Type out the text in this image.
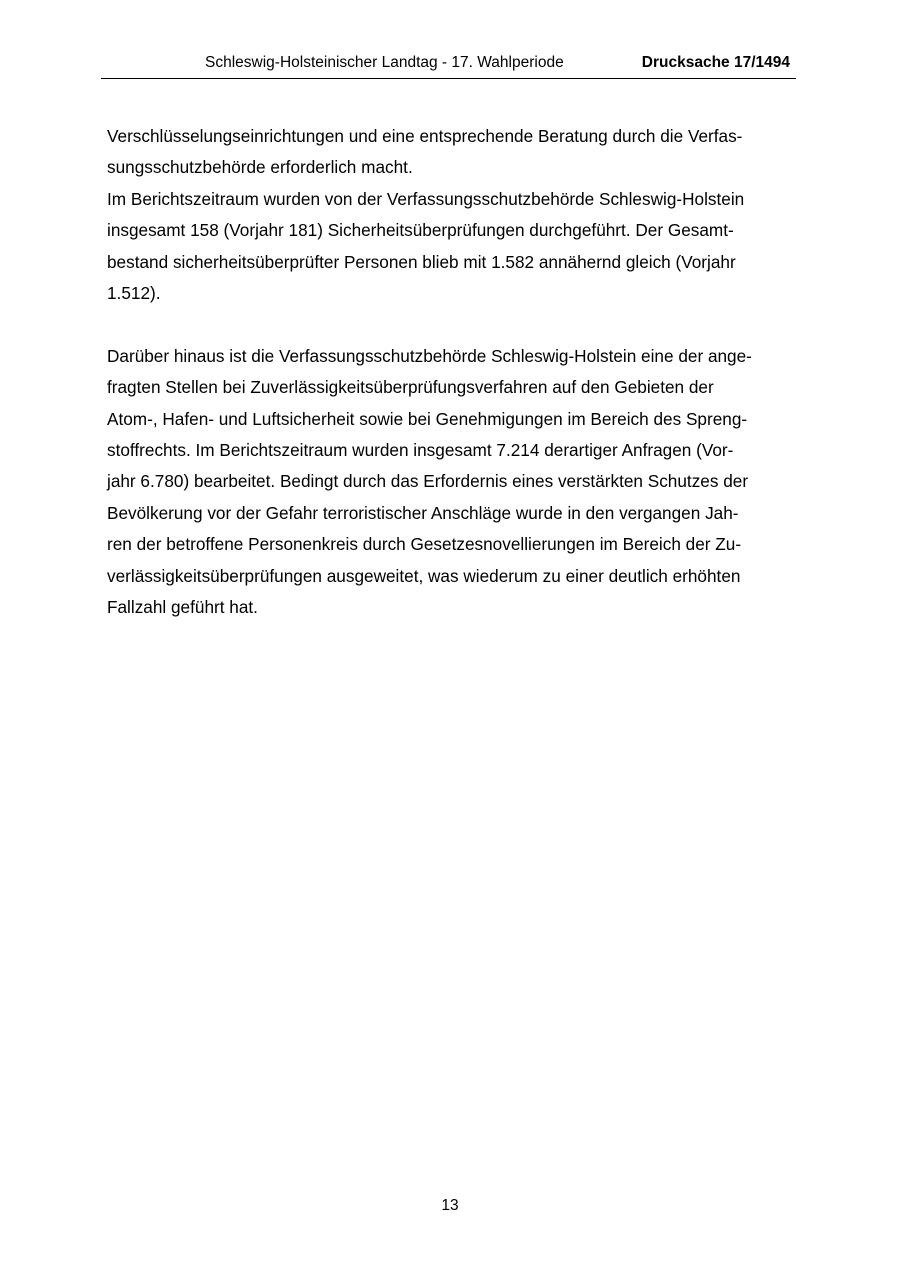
Schleswig-Holsteinischer Landtag - 17. Wahlperiode	Drucksache 17/1494
Verschlüsselungseinrichtungen und eine entsprechende Beratung durch die Verfas-
sungsschutzbehörde erforderlich macht.
Im Berichtszeitraum wurden von der Verfassungsschutzbehörde Schleswig-Holstein
insgesamt 158 (Vorjahr 181) Sicherheitsüberprüfungen durchgeführt. Der Gesamt-
bestand sicherheitsüberprüfter Personen blieb mit 1.582 annähernd gleich (Vorjahr
1.512).
Darüber hinaus ist die Verfassungsschutzbehörde Schleswig-Holstein eine der ange-
fragten Stellen bei Zuverlässigkeitsüberprüfungsverfahren auf den Gebieten der
Atom-, Hafen- und Luftsicherheit sowie bei Genehmigungen im Bereich des Spreng-
stoffrechts. Im Berichtszeitraum wurden insgesamt 7.214 derartiger Anfragen (Vor-
jahr 6.780) bearbeitet. Bedingt durch das Erfordernis eines verstärkten Schutzes der
Bevölkerung vor der Gefahr terroristischer Anschläge wurde in den vergangen Jah-
ren der betroffene Personenkreis durch Gesetzesnovellierungen im Bereich der Zu-
verlässigkeitsüberprüfungen ausgeweitet, was wiederum zu einer deutlich erhöhten
Fallzahl geführt hat.
13
